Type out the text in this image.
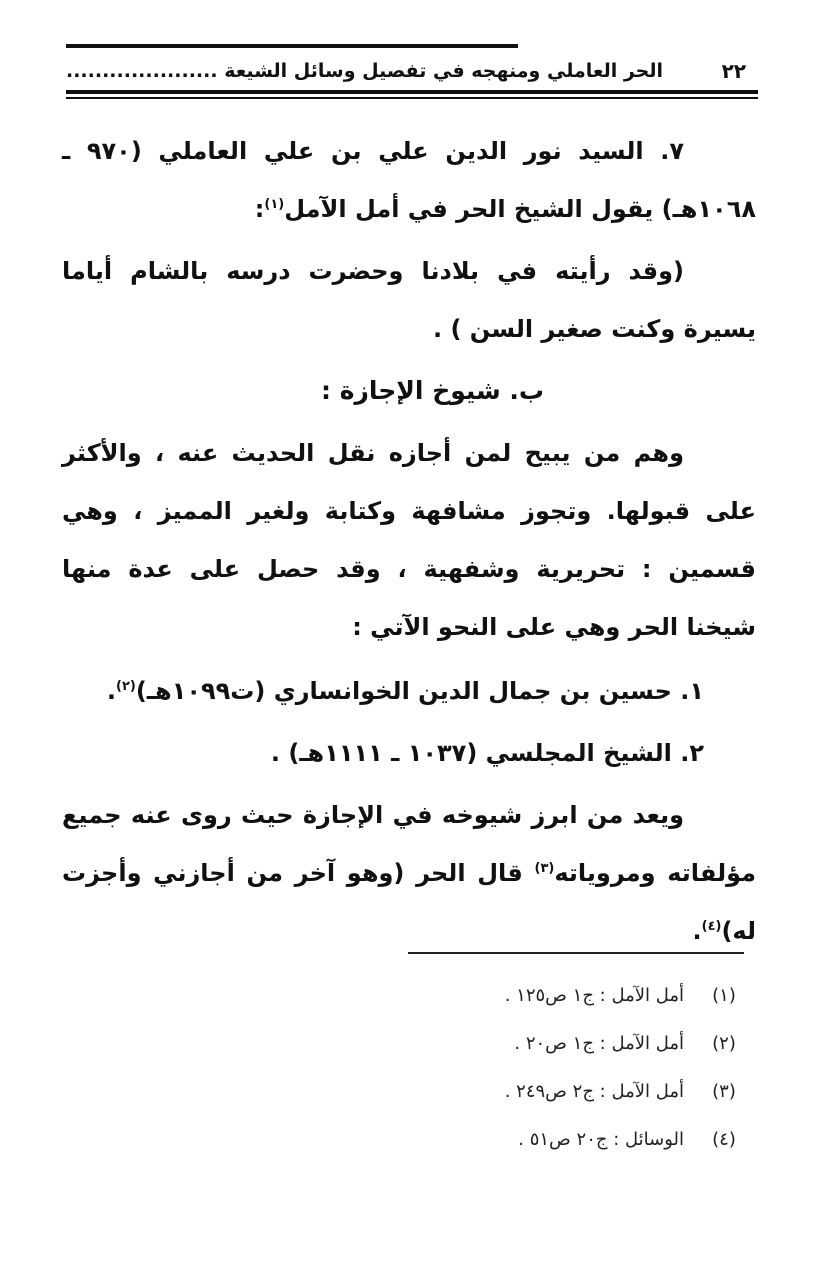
٢٢
الحر العاملي ومنهجه في تفصيل وسائل الشيعة .....................

٧. السيد نور الدين علي بن علي العاملي (٩٧٠ ـ ١٠٦٨هـ) يقول الشيخ الحر في أمل الآمل$^{(١)}$:

(وقد رأيته في بلادنا وحضرت درسه بالشام أياما يسيرة وكنت صغير السن ) .

ب. شيوخ الإجازة :

وهم من يبيح لمن أجازه نقل الحديث عنه ، والأكثر على قبولها. وتجوز مشافهة وكتابة ولغير المميز ، وهي قسمين : تحريرية وشفهية ، وقد حصل على عدة منها شيخنا الحر وهي على النحو الآتي :

١. حسين بن جمال الدين الخوانساري (ت١٠٩٩هـ)$^{(٢)}$.

٢. الشيخ المجلسي (١٠٣٧ ـ ١١١١هـ) .

ويعد من ابرز شيوخه في الإجازة حيث روى عنه جميع مؤلفاته ومروياته$^{(٣)}$ قال الحر (وهو آخر من أجازني وأجزت له)$^{(٤)}$.

(١)
أمل الآمل : ج١ ص١٢٥ .
(٢)
أمل الآمل : ج١ ص٢٠ .
(٣)
أمل الآمل : ج٢ ص٢٤٩ .
(٤)
الوسائل : ج٢٠ ص٥١ .
